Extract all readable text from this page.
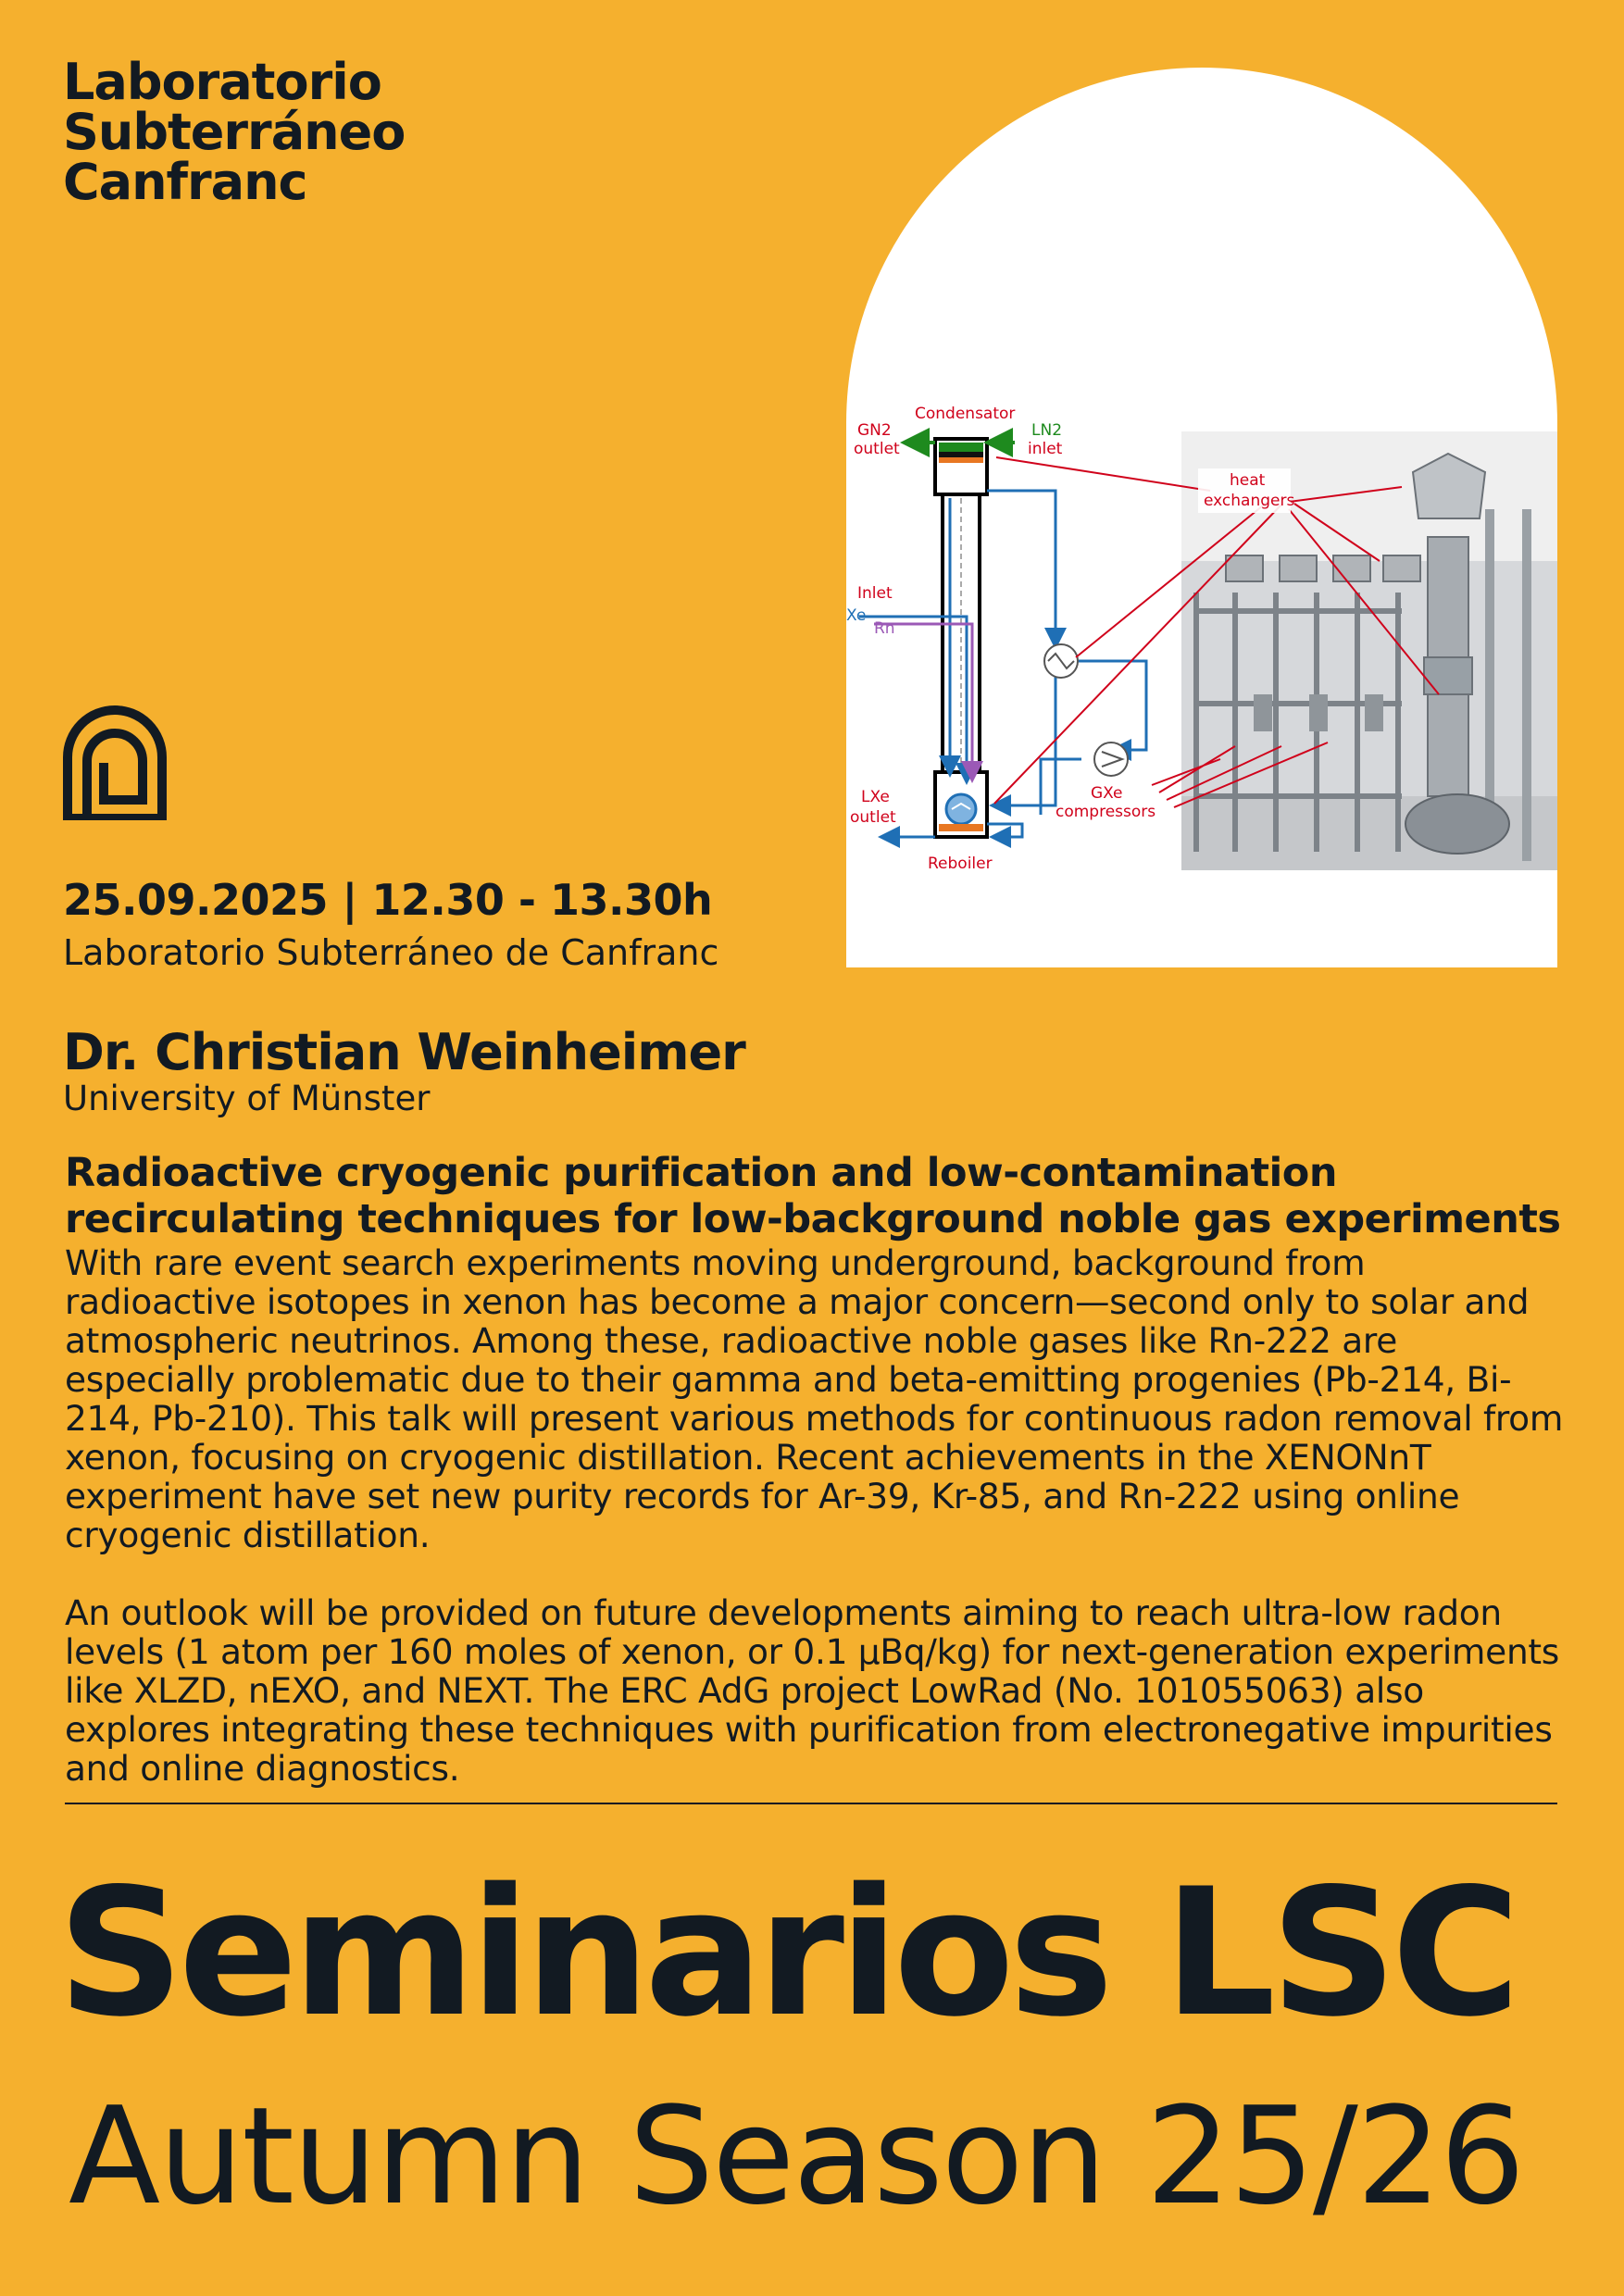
Laboratorio
Subterráneo
Canfranc
25.09.2025 | 12.30 - 13.30h
Laboratorio Subterráneo de Canfranc
Dr. Christian Weinheimer
University of Münster
Radioactive cryogenic purification and low-contamination
recirculating techniques for low-background noble gas experiments

With rare event search experiments moving underground, background from radioactive isotopes in xenon has become a major concern—second only to solar and atmospheric neutrinos. Among these, radioactive noble gases like Rn-222 are especially problematic due to their gamma and beta-emitting progenies (Pb-214, Bi-214, Pb-210). This talk will present various methods for continuous radon removal from xenon, focusing on cryogenic distillation. Recent achievements in the XENONnT experiment have set new purity records for Ar-39, Kr-85, and Rn-222 using online cryogenic distillation.

An outlook will be provided on future developments aiming to reach ultra-low radon levels (1 atom per 160 moles of xenon, or 0.1 µBq/kg) for next-generation experiments like XLZD, nEXO, and NEXT. The ERC AdG project LowRad (No. 101055063) also explores integrating these techniques with purification from electronegative impurities and online diagnostics.

Seminarios LSC
Autumn Season 25/26
Condensator
GN2
outlet
LN2
inlet
Inlet
Xe
Rn
LXe
outlet
Reboiler
GXe
compressors
heat
exchangers
